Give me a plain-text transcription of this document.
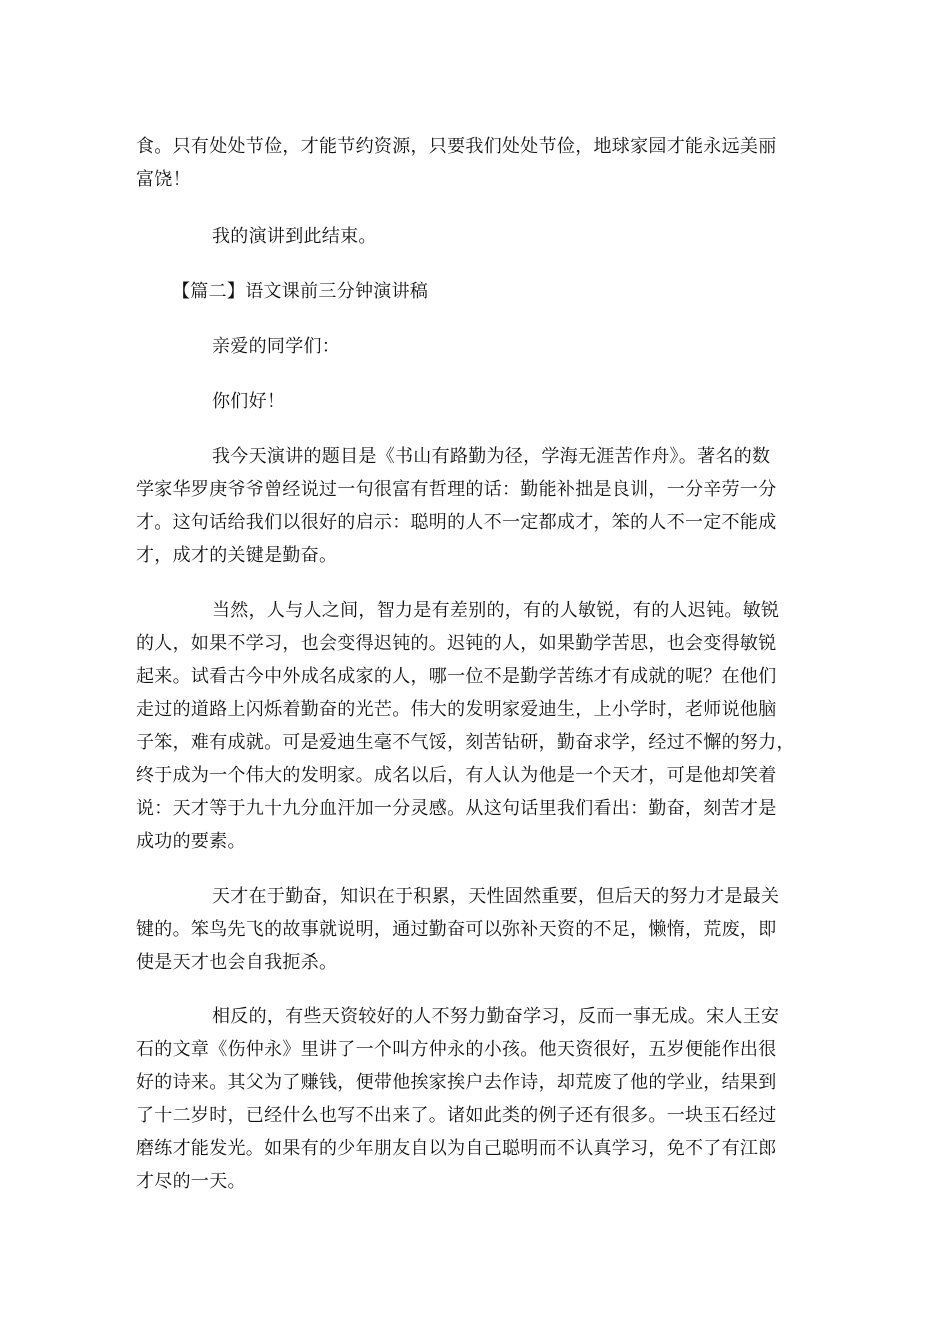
食。只有处处节俭，才能节约资源，只要我们处处节俭，地球家园才能永远美丽
富饶！
我的演讲到此结束。
【篇二】语文课前三分钟演讲稿
亲爱的同学们：
你们好！
我今天演讲的题目是《书山有路勤为径，学海无涯苦作舟》。著名的数
学家华罗庚爷爷曾经说过一句很富有哲理的话：勤能补拙是良训，一分辛劳一分
才。这句话给我们以很好的启示：聪明的人不一定都成才，笨的人不一定不能成
才，成才的关键是勤奋。
当然，人与人之间，智力是有差别的，有的人敏锐，有的人迟钝。敏锐
的人，如果不学习，也会变得迟钝的。迟钝的人，如果勤学苦思，也会变得敏锐
起来。试看古今中外成名成家的人，哪一位不是勤学苦练才有成就的呢？在他们
走过的道路上闪烁着勤奋的光芒。伟大的发明家爱迪生，上小学时，老师说他脑
子笨，难有成就。可是爱迪生毫不气馁，刻苦钻研，勤奋求学，经过不懈的努力，
终于成为一个伟大的发明家。成名以后，有人认为他是一个天才，可是他却笑着
说：天才等于九十九分血汗加一分灵感。从这句话里我们看出：勤奋，刻苦才是
成功的要素。
天才在于勤奋，知识在于积累，天性固然重要，但后天的努力才是最关
键的。笨鸟先飞的故事就说明，通过勤奋可以弥补天资的不足，懒惰，荒废，即
使是天才也会自我扼杀。
相反的，有些天资较好的人不努力勤奋学习，反而一事无成。宋人王安
石的文章《伤仲永》里讲了一个叫方仲永的小孩。他天资很好，五岁便能作出很
好的诗来。其父为了赚钱，便带他挨家挨户去作诗，却荒废了他的学业，结果到
了十二岁时，已经什么也写不出来了。诸如此类的例子还有很多。一块玉石经过
磨练才能发光。如果有的少年朋友自以为自己聪明而不认真学习，免不了有江郎
才尽的一天。
